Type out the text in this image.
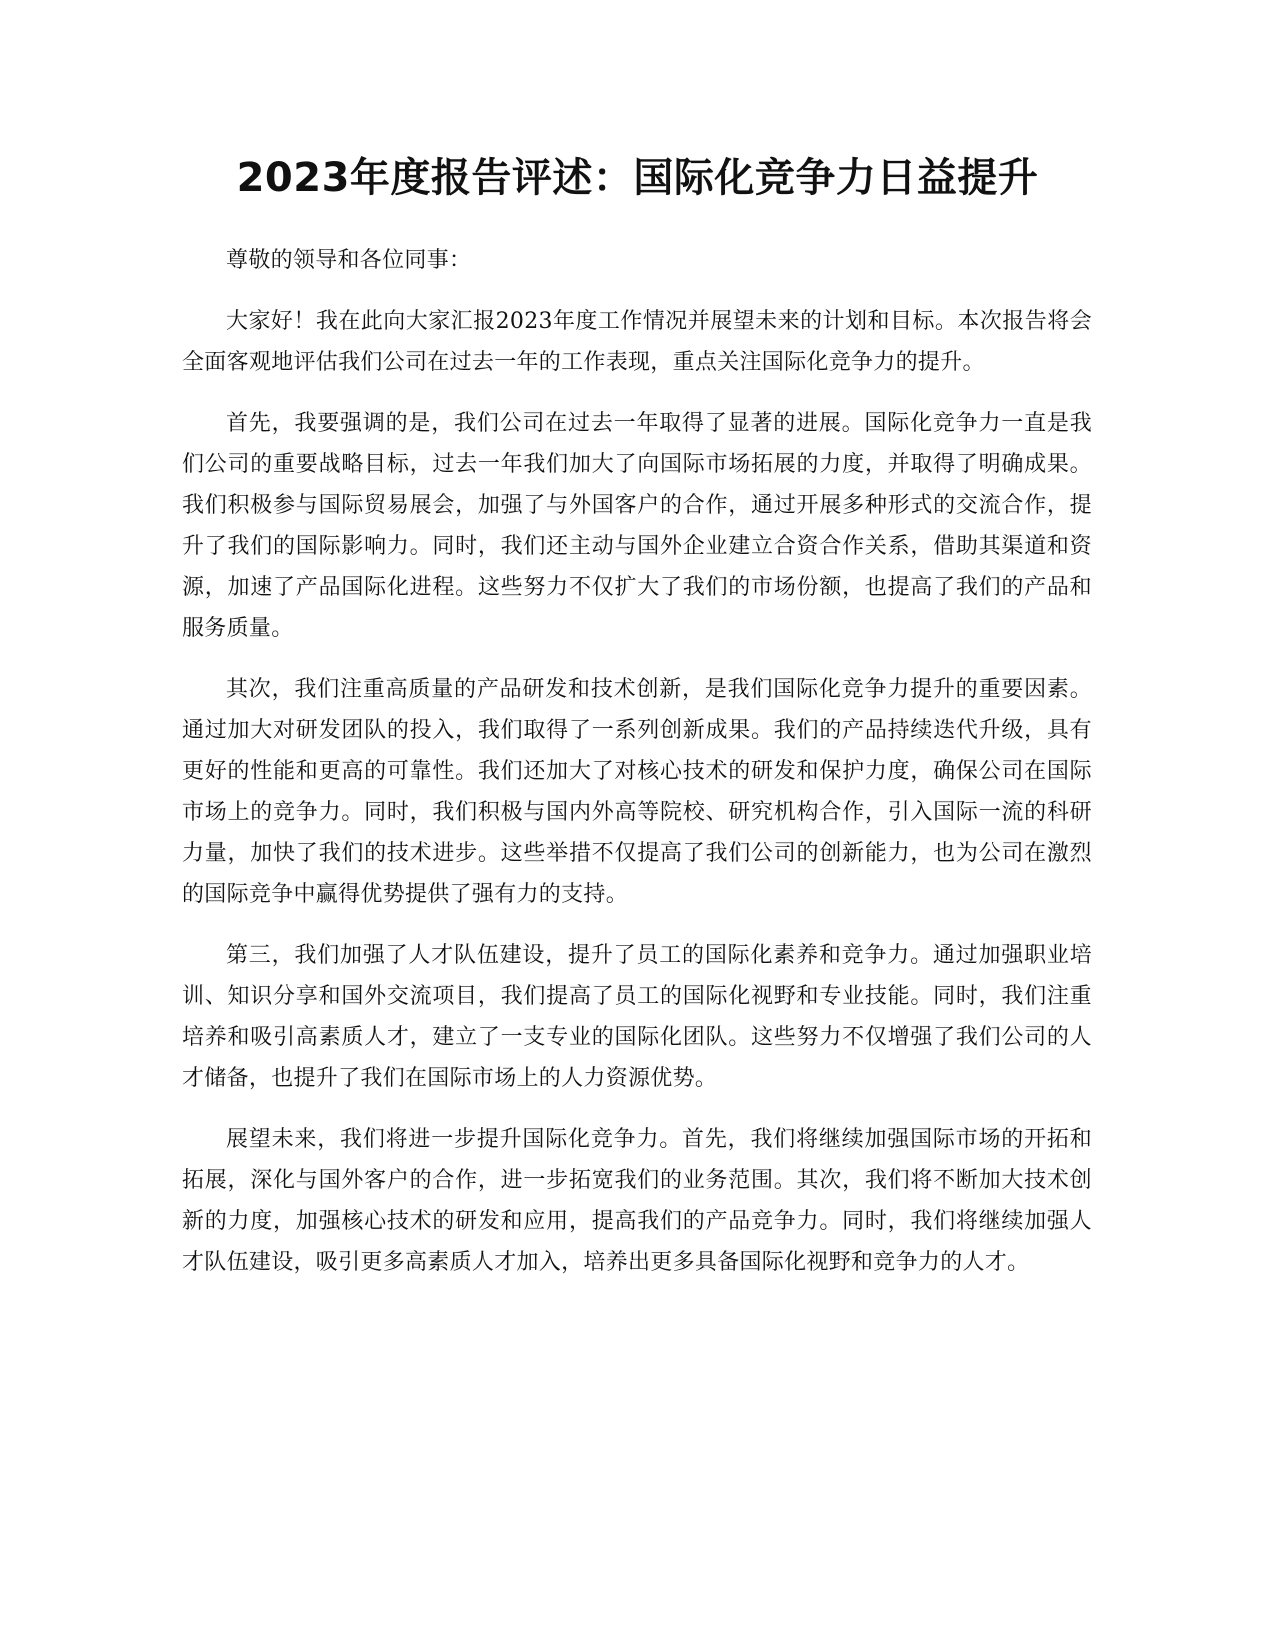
2023年度报告评述：国际化竞争力日益提升

尊敬的领导和各位同事：

大家好！我在此向大家汇报2023年度工作情况并展望未来的计划和目标。本次报告将会全面客观地评估我们公司在过去一年的工作表现，重点关注国际化竞争力的提升。

首先，我要强调的是，我们公司在过去一年取得了显著的进展。国际化竞争力一直是我们公司的重要战略目标，过去一年我们加大了向国际市场拓展的力度，并取得了明确成果。我们积极参与国际贸易展会，加强了与外国客户的合作，通过开展多种形式的交流合作，提升了我们的国际影响力。同时，我们还主动与国外企业建立合资合作关系，借助其渠道和资源，加速了产品国际化进程。这些努力不仅扩大了我们的市场份额，也提高了我们的产品和服务质量。

其次，我们注重高质量的产品研发和技术创新，是我们国际化竞争力提升的重要因素。通过加大对研发团队的投入，我们取得了一系列创新成果。我们的产品持续迭代升级，具有更好的性能和更高的可靠性。我们还加大了对核心技术的研发和保护力度，确保公司在国际市场上的竞争力。同时，我们积极与国内外高等院校、研究机构合作，引入国际一流的科研力量，加快了我们的技术进步。这些举措不仅提高了我们公司的创新能力，也为公司在激烈的国际竞争中赢得优势提供了强有力的支持。

第三，我们加强了人才队伍建设，提升了员工的国际化素养和竞争力。通过加强职业培训、知识分享和国外交流项目，我们提高了员工的国际化视野和专业技能。同时，我们注重培养和吸引高素质人才，建立了一支专业的国际化团队。这些努力不仅增强了我们公司的人才储备，也提升了我们在国际市场上的人力资源优势。

展望未来，我们将进一步提升国际化竞争力。首先，我们将继续加强国际市场的开拓和拓展，深化与国外客户的合作，进一步拓宽我们的业务范围。其次，我们将不断加大技术创新的力度，加强核心技术的研发和应用，提高我们的产品竞争力。同时，我们将继续加强人才队伍建设，吸引更多高素质人才加入，培养出更多具备国际化视野和竞争力的人才。
